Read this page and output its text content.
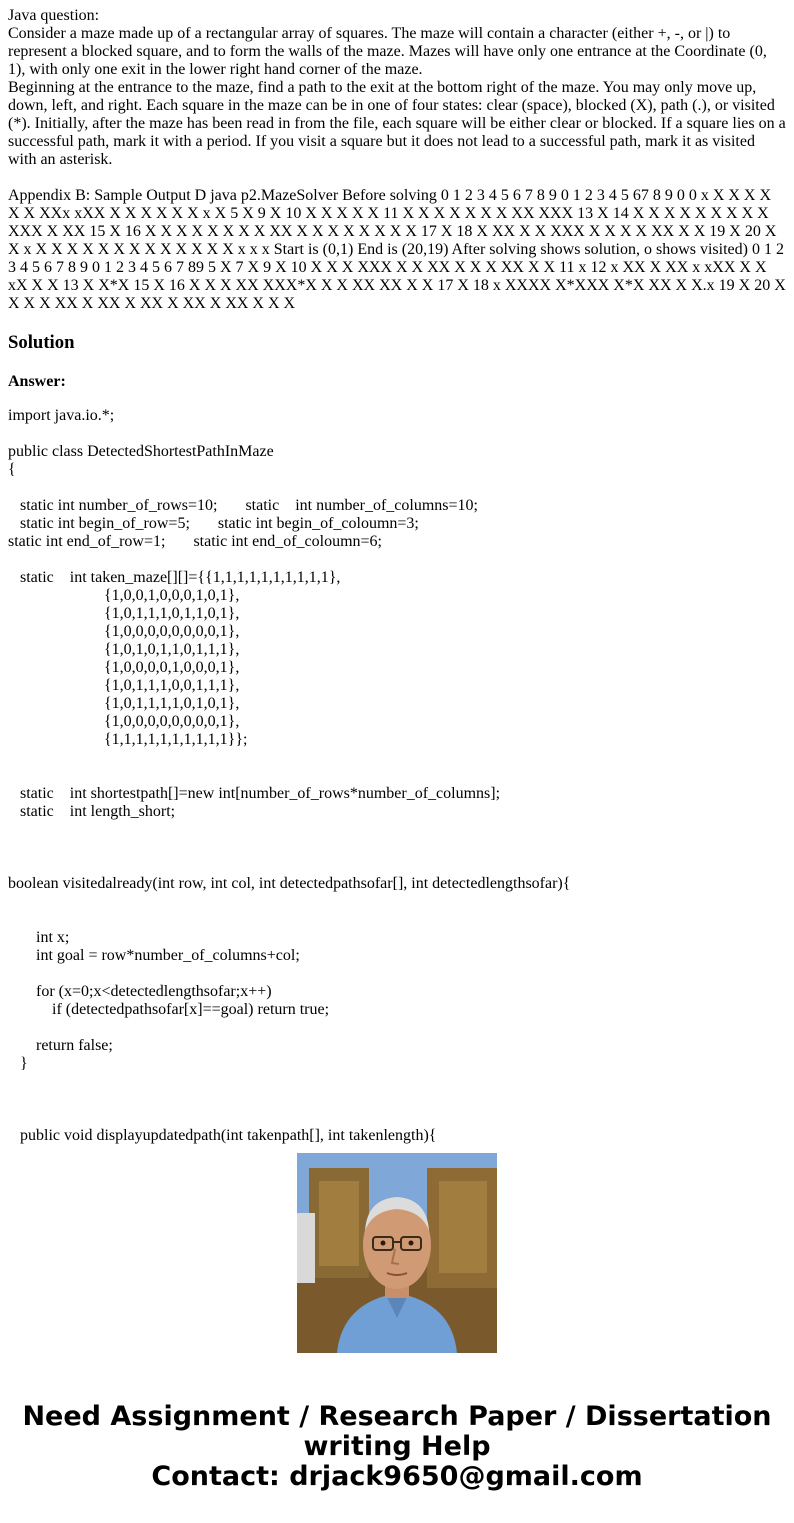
Java question:

Consider a maze made up of a rectangular array of squares. The maze will contain a character (either +, -, or |) to represent a blocked square, and to form the walls of the maze. Mazes will have only one entrance at the Coordinate (0, 1), with only one exit in the lower right hand corner of the maze.

Beginning at the entrance to the maze, find a path to the exit at the bottom right of the maze. You may only move up, down, left, and right. Each square in the maze can be in one of four states: clear (space), blocked (X), path (.), or visited (*). Initially, after the maze has been read in from the file, each square will be either clear or blocked. If a square lies on a successful path, mark it with a period. If you visit a square but it does not lead to a successful path, mark it as visited with an asterisk.

Appendix B: Sample Output D java p2.MazeSolver Before solving 0 1 2 3 4 5 6 7 8 9 0 1 2 3 4 5 67 8 9 0 0 x X X X X X X XXx xXX X X X X X X x X 5 X 9 X 10 X X X X X 11 X X X X X X X XX XXX 13 X 14 X X X X X X X X X XXX X XX 15 X 16 X X X X X X X X XX X X X X X X X X 17 X 18 X XX X X XXX X X X X XX X X 19 X 20 X X x X X X X X X X X X X X X X x x x Start is (0,1) End is (20,19) After solving shows solution, o shows visited) 0 1 2 3 4 5 6 7 8 9 0 1 2 3 4 5 6 7 89 5 X 7 X 9 X 10 X X X XXX X X XX X X X XX X X 11 x 12 x XX X XX x xXX X X xX X X 13 X X*X 15 X 16 X X X XX XXX*X X X XX XX X X 17 X 18 x XXXX X*XXX X*X XX X X.x 19 X 20 X X X X XX X XX X XX X XX X XX X X X

Solution

Answer:

import java.io.*;

public class DetectedShortestPathInMaze
{

static int number_of_rows=10;       static    int number_of_columns=10;
static int begin_of_row=5;       static int begin_of_coloumn=3;
static int end_of_row=1;       static int end_of_coloumn=6;

static    int taken_maze[][]={{1,1,1,1,1,1,1,1,1,1},
{1,0,0,1,0,0,0,1,0,1},
{1,0,1,1,1,0,1,1,0,1},
{1,0,0,0,0,0,0,0,0,1},
{1,0,1,0,1,1,0,1,1,1},
{1,0,0,0,0,1,0,0,0,1},
{1,0,1,1,1,0,0,1,1,1},
{1,0,1,1,1,1,0,1,0,1},
{1,0,0,0,0,0,0,0,0,1},
{1,1,1,1,1,1,1,1,1,1}};

static    int shortestpath[]=new int[number_of_rows*number_of_columns];
static    int length_short;

boolean visitedalready(int row, int col, int detectedpathsofar[], int detectedlengthsofar){

int x;
int goal = row*number_of_columns+col;

for (x=0;x<detectedlengthsofar;x++)
if (detectedpathsofar[x]==goal) return true;

return false;
}

public void displayupdatedpath(int takenpath[], int takenlength){
Need Assignment / Research Paper / Dissertation
writing Help
Contact: drjack9650@gmail.com
